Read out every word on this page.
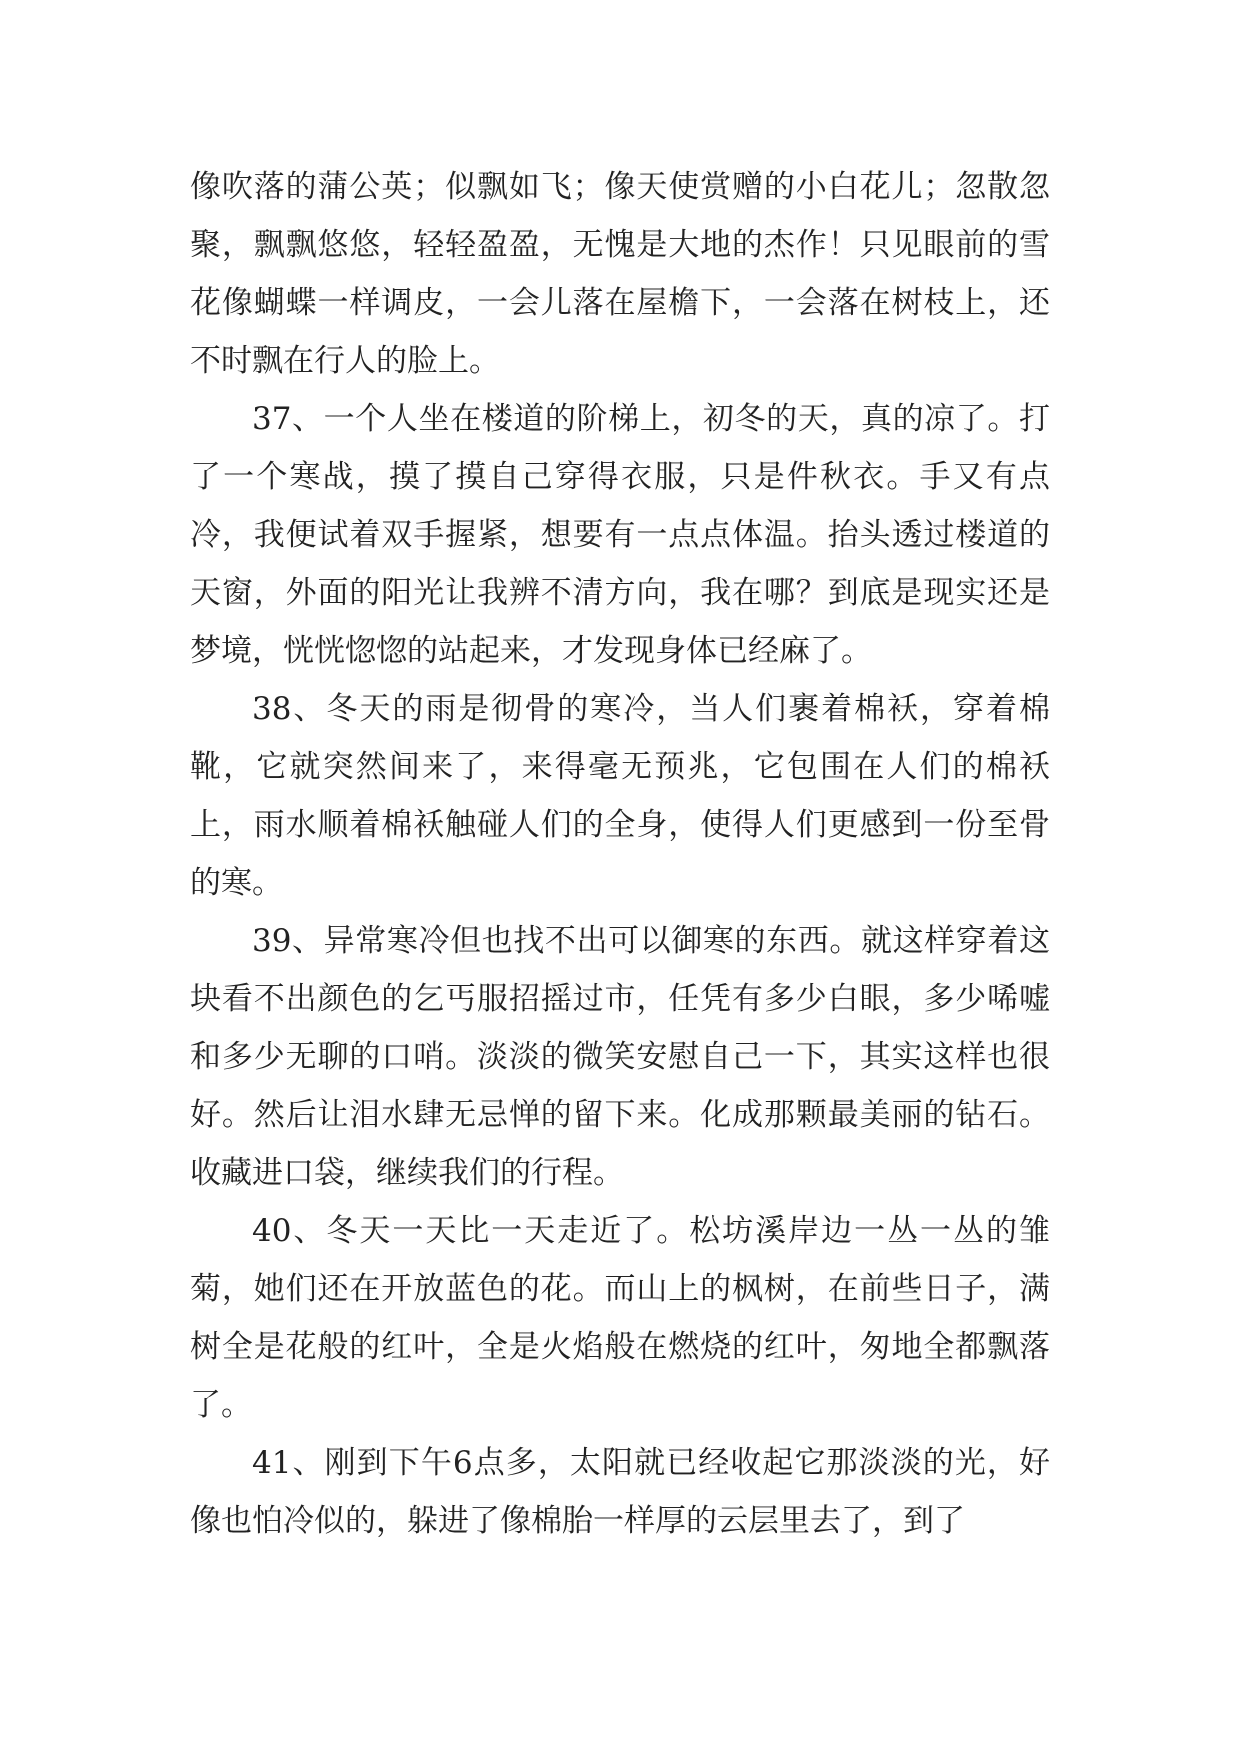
像吹落的蒲公英；似飘如飞；像天使赏赠的小白花儿；忽散忽聚，飘飘悠悠，轻轻盈盈，无愧是大地的杰作！只见眼前的雪花像蝴蝶一样调皮，一会儿落在屋檐下，一会落在树枝上，还不时飘在行人的脸上。

37、一个人坐在楼道的阶梯上，初冬的天，真的凉了。打了一个寒战，摸了摸自己穿得衣服，只是件秋衣。手又有点冷，我便试着双手握紧，想要有一点点体温。抬头透过楼道的天窗，外面的阳光让我辨不清方向，我在哪？到底是现实还是梦境，恍恍惚惚的站起来，才发现身体已经麻了。

38、冬天的雨是彻骨的寒冷，当人们裹着棉袄，穿着棉靴，它就突然间来了，来得毫无预兆，它包围在人们的棉袄上，雨水顺着棉袄触碰人们的全身，使得人们更感到一份至骨的寒。

39、异常寒冷但也找不出可以御寒的东西。就这样穿着这块看不出颜色的乞丐服招摇过市，任凭有多少白眼，多少唏嘘和多少无聊的口哨。淡淡的微笑安慰自己一下，其实这样也很好。然后让泪水肆无忌惮的留下来。化成那颗最美丽的钻石。收藏进口袋，继续我们的行程。

40、冬天一天比一天走近了。松坊溪岸边一丛一丛的雏菊，她们还在开放蓝色的花。而山上的枫树，在前些日子，满树全是花般的红叶，全是火焰般在燃烧的红叶，匆地全都飘落了。

41、刚到下午6点多，太阳就已经收起它那淡淡的光，好像也怕冷似的，躲进了像棉胎一样厚的云层里去了，到了
